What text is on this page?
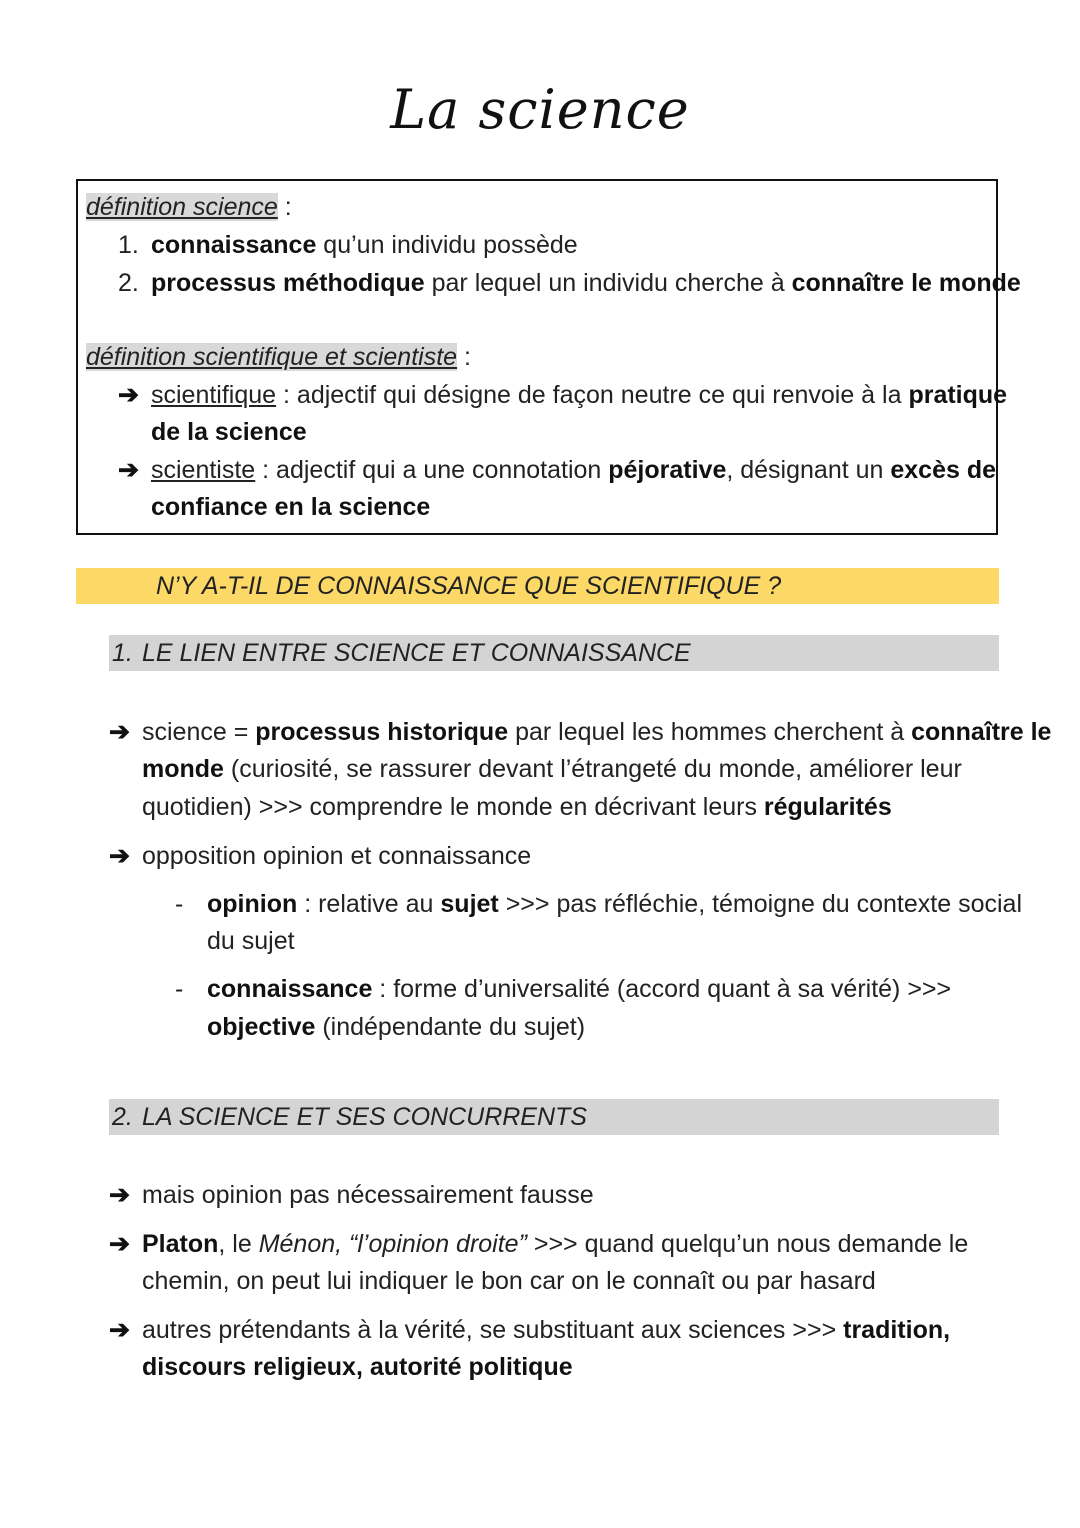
La science
définition science :
1. connaissance qu’un individu possède
2. processus méthodique par lequel un individu cherche à connaître le monde
définition scientifique et scientiste :
➔ scientifique : adjectif qui désigne de façon neutre ce qui renvoie à la pratique
de la science
➔ scientiste : adjectif qui a une connotation péjorative, désignant un excès de
confiance en la science
N’Y A-T-IL DE CONNAISSANCE QUE SCIENTIFIQUE ?
1. LE LIEN ENTRE SCIENCE ET CONNAISSANCE
➔ science = processus historique par lequel les hommes cherchent à connaître le
monde (curiosité, se rassurer devant l’étrangeté du monde, améliorer leur
quotidien) >>> comprendre le monde en décrivant leurs régularités
➔ opposition opinion et connaissance
- opinion : relative au sujet >>> pas réfléchie, témoigne du contexte social
du sujet
- connaissance : forme d’universalité (accord quant à sa vérité) >>>
objective (indépendante du sujet)
2. LA SCIENCE ET SES CONCURRENTS
➔ mais opinion pas nécessairement fausse
➔ Platon, le Ménon, “l’opinion droite” >>> quand quelqu’un nous demande le
chemin, on peut lui indiquer le bon car on le connaît ou par hasard
➔ autres prétendants à la vérité, se substituant aux sciences >>> tradition,
discours religieux, autorité politique
